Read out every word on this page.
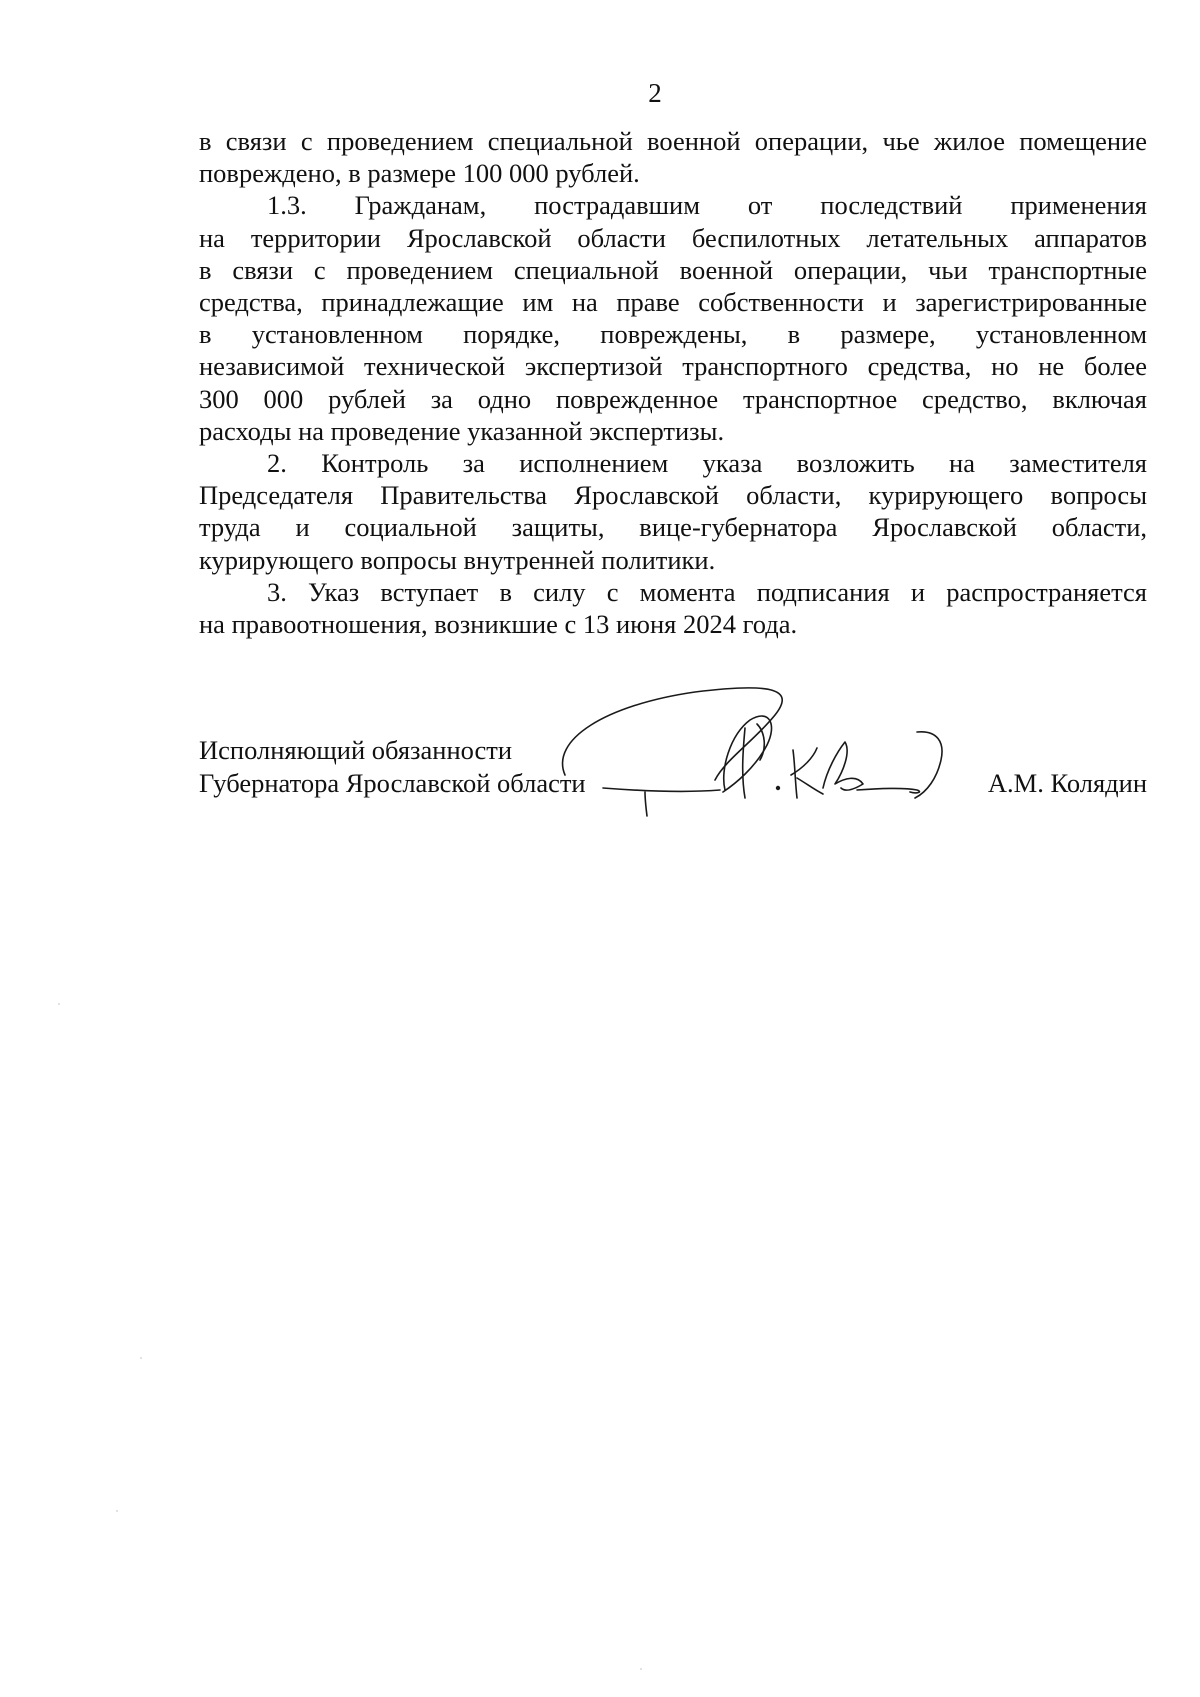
2

в связи с проведением специальной военной операции, чье жилое помещение
повреждено, в размере 100 000 рублей.

1.3. Гражданам, пострадавшим от последствий применения
на территории Ярославской области беспилотных летательных аппаратов
в связи с проведением специальной военной операции, чьи транспортные
средства, принадлежащие им на праве собственности и зарегистрированные
в установленном порядке, повреждены, в размере, установленном
независимой технической экспертизой транспортного средства, но не более
300 000 рублей за одно поврежденное транспортное средство, включая
расходы на проведение указанной экспертизы.

2. Контроль за исполнением указа возложить на заместителя
Председателя Правительства Ярославской области, курирующего вопросы
труда и социальной защиты, вице-губернатора Ярославской области,
курирующего вопросы внутренней политики.

3. Указ вступает в силу с момента подписания и распространяется
на правоотношения, возникшие с 13 июня 2024 года.

Исполняющий обязанности
Губернатора Ярославской области	А.М. Колядин
